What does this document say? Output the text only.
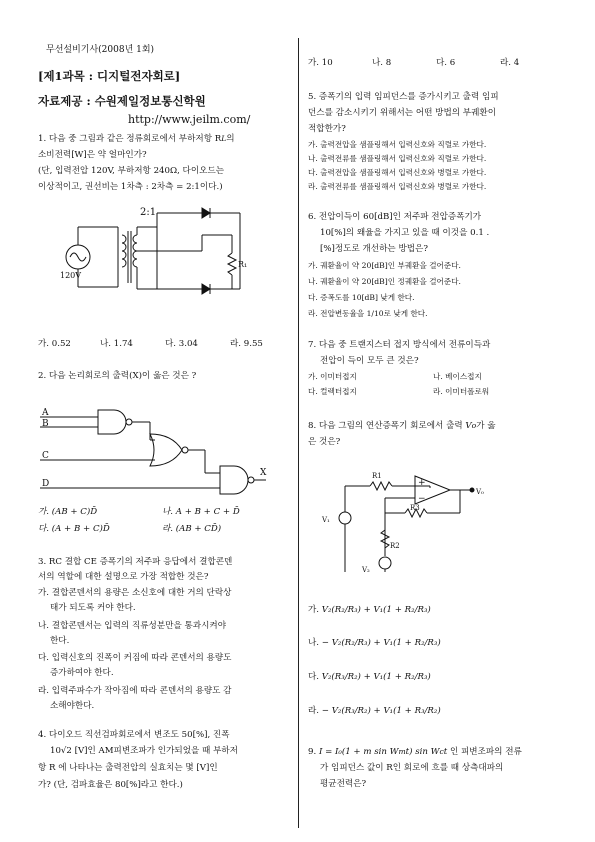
무선설비기사(2008년 1회)
[제1과목 : 디지털전자회로]
자료제공 : 수원제일정보통신학원
http://www.jeilm.com/
1. 다음 중 그림과 같은 정류회로에서 부하저항 RL의
소비전력[W]은 약 얼마인가?
(단, 입력전압 120V, 부하저항 240Ω, 다이오드는
이상적이고, 권선비는 1차측 : 2차측 = 2:1이다.)
2:1
120V
R₁
가. 0.52	나. 1.74	다. 3.04	라. 9.55
2. 다음 논리회로의 출력(X)이 옳은 것은 ?
A
B
C
D
X
가. (AB + C)D̄	나. A + B + C + D̄
다. (A + B + C)D̄	라. (AB + CD̄)
3. RC 결합 CE 증폭기의 저주파 응답에서 결합콘덴
서의 역할에 대한 설명으로 가장 적합한 것은?
가. 결합콘덴서의 용량은 소신호에 대한 거의 단락상
태가 되도록 커야 한다.
나. 결합콘덴서는 입력의 직류성분만을 통과시켜야
한다.
다. 입력신호의 진폭이 커짐에 따라 콘덴서의 용량도
증가하여야 한다.
라. 입력주파수가 작아짐에 따라 콘덴서의 용량도 감
소해야한다.
4. 다이오드 직선검파회로에서 변조도 50[%], 진폭
10√2 [V]인 AM피변조파가 인가되었을 때 부하저
항 R 에 나타나는 출력전압의 실효치는 몇 [V]인
가? (단, 검파효율은 80[%]라고 한다.)
가. 10	나. 8	다. 6	라. 4
5. 증폭기의 입력 임피던스를 증가시키고 출력 임피
던스를 감소시키기 위해서는 어떤 방법의 부궤환이
적합한가?
가. 출력전압을 샘플링해서 입력신호와 직렬로 가한다.
나. 출력전류를 샘플링해서 입력신호와 직렬로 가한다.
다. 출력전압을 샘플링해서 입력신호와 병렬로 가한다.
라. 출력전류를 샘플링해서 입력신호와 병렬로 가한다.
6. 전압이득이 60[dB]인 저주파 전압증폭기가
10[%]의 왜율을 가지고 있을 때 이것을 0.1 .
[%]정도로 개선하는 방법은?
가. 궤환율이 약 20[dB]인 부궤환을 걸어준다.
나. 궤환율이 약 20[dB]인 정궤환을 걸어준다.
다. 증폭도를 10[dB] 낮게 한다.
라. 전압변동율을 1/10로 낮게 한다.
7. 다음 중 트랜지스터 접지 방식에서 전류이득과
전압이 득이 모두 큰 것은?
가. 이미터접지	나. 베이스접지
다. 컬렉터접지	라. 이미터폴로워
8. 다음 그림의 연산증폭기 회로에서 출력 Vo가 옳
은 것은?
R1
R3
R2
V₁
V₂
V₀
+
−
가. V₂(R₂/R₃) + V₁(1 + R₂/R₃)
나. − V₂(R₂/R₃) + V₁(1 + R₂/R₃)
다. V₂(R₃/R₂) + V₁(1 + R₂/R₃)
라. − V₂(R₃/R₂) + V₁(1 + R₃/R₂)
9. I = I₀(1 + m sin Wmt) sin Wct 인 피변조파의 전류
가 임피던스 값이 R인 회로에 흐를 때 상측대파의
평균전력은?
